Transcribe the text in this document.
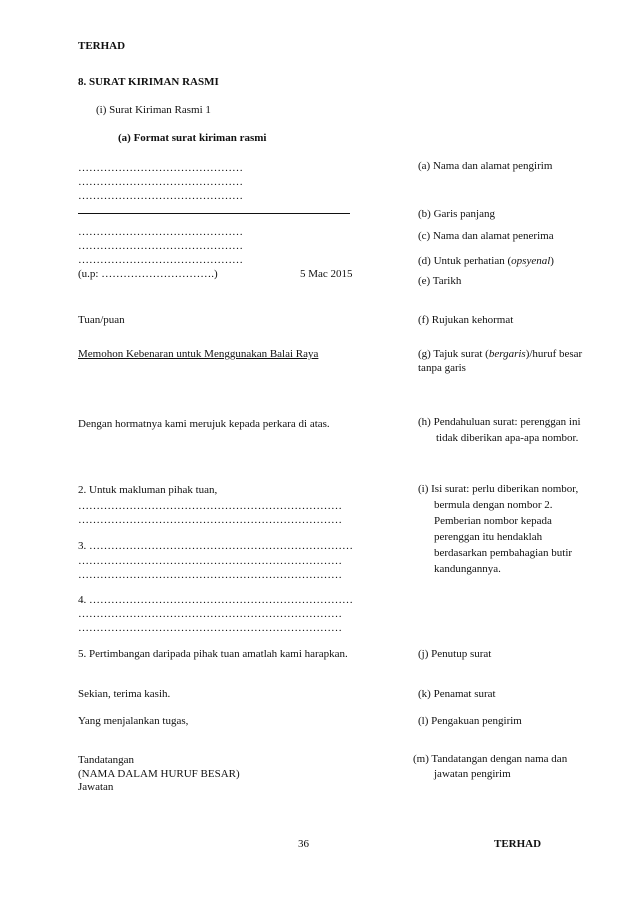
TERHAD
8. SURAT KIRIMAN RASMI
(i) Surat Kiriman Rasmi 1
(a) Format surat kiriman rasmi
………………………………………
………………………………………
………………………………………
………………………………………
………………………………………
………………………………………
(u.p: ………………………….)	5 Mac 2015
Tuan/puan
Memohon Kebenaran untuk Menggunakan Balai Raya
Dengan hormatnya kami merujuk kepada perkara di atas.
2. Untuk makluman pihak tuan,
………………………………………………………………
………………………………………………………………
3. ………………………………………………………………
………………………………………………………………
………………………………………………………………
4. ………………………………………………………………
………………………………………………………………
………………………………………………………………
5. Pertimbangan daripada pihak tuan amatlah kami harapkan.
Sekian, terima kasih.
Yang menjalankan tugas,
Tandatangan
(NAMA DALAM HURUF BESAR)
Jawatan
(a) Nama dan alamat pengirim
(b) Garis panjang
(c) Nama dan alamat penerima
(d) Untuk perhatian (opsyenal)
(e) Tarikh
(f) Rujukan kehormat
(g) Tajuk surat (bergaris)/huruf besar
tanpa garis
(h) Pendahuluan surat: perenggan ini
tidak diberikan apa-apa nombor.
(i) Isi surat: perlu diberikan nombor,
bermula dengan nombor 2.
Pemberian nombor kepada
perenggan itu hendaklah
berdasarkan pembahagian butir
kandungannya.
(j) Penutup surat
(k) Penamat surat
(l) Pengakuan pengirim
(m) Tandatangan dengan nama dan
jawatan pengirim
36	TERHAD
